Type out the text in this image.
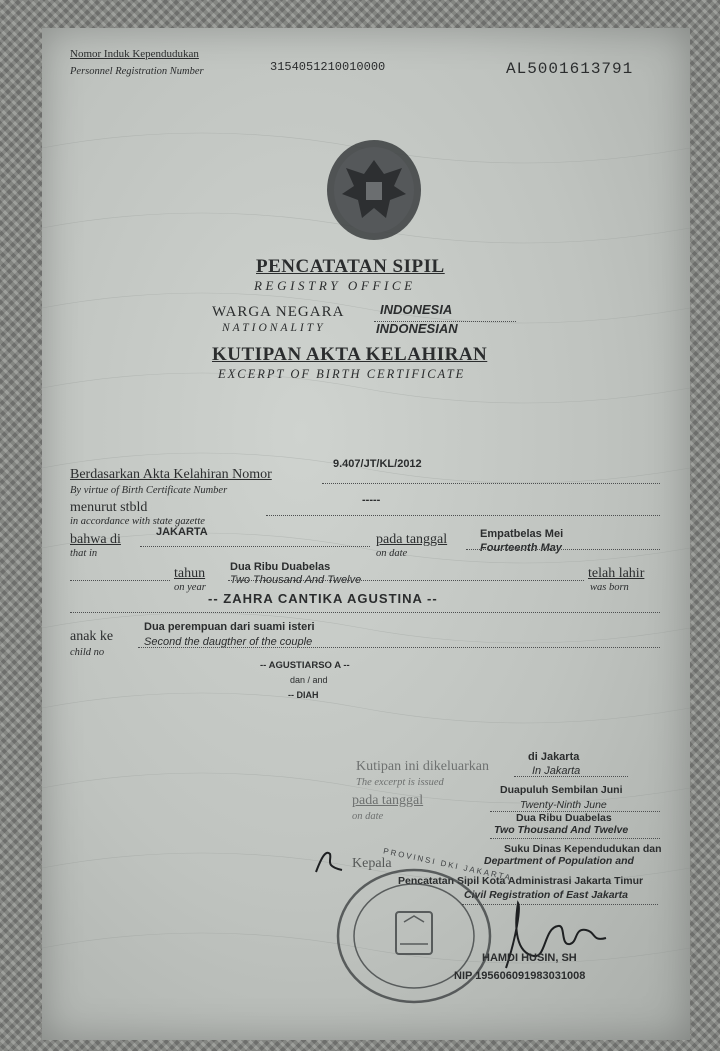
Nomor Induk Kependudukan
Personnel Registration Number	3154051210010000	AL5001613791
PENCATATAN SIPIL
REGISTRY OFFICE
WARGA NEGARA
NATIONALITY
INDONESIA
INDONESIAN
KUTIPAN AKTA KELAHIRAN
EXCERPT OF BIRTH CERTIFICATE
9.407/JT/KL/2012
Berdasarkan Akta Kelahiran Nomor
By virtue of Birth Certificate Number
-----
menurut stbld
in accordance with state gazette
bahwa di
that in
JAKARTA	pada tanggal
on date
Empatbelas Mei
Fourteenth May
tahun
on year
Dua Ribu Duabelas
Two Thousand And Twelve	telah lahir
was born
-- ZAHRA CANTIKA AGUSTINA --
anak ke
child no
Dua perempuan dari suami isteri
Second the daugther of the couple
-- AGUSTIARSO A --
dan / and
-- DIAH
di Jakarta
In Jakarta
Kutipan ini dikeluarkan
The excerpt is issued
pada tanggal
on date
Duapuluh Sembilan Juni
Twenty-Ninth June
Dua Ribu Duabelas
Two Thousand And Twelve
Suku Dinas Kependudukan dan
Department of Population and
Kepala
Pencatatan Sipil Kota Administrasi Jakarta Timur
Civil Registration of East Jakarta
PROVINSI DKI JAKARTA
HAMDI HUSIN, SH
NIP 195606091983031008
